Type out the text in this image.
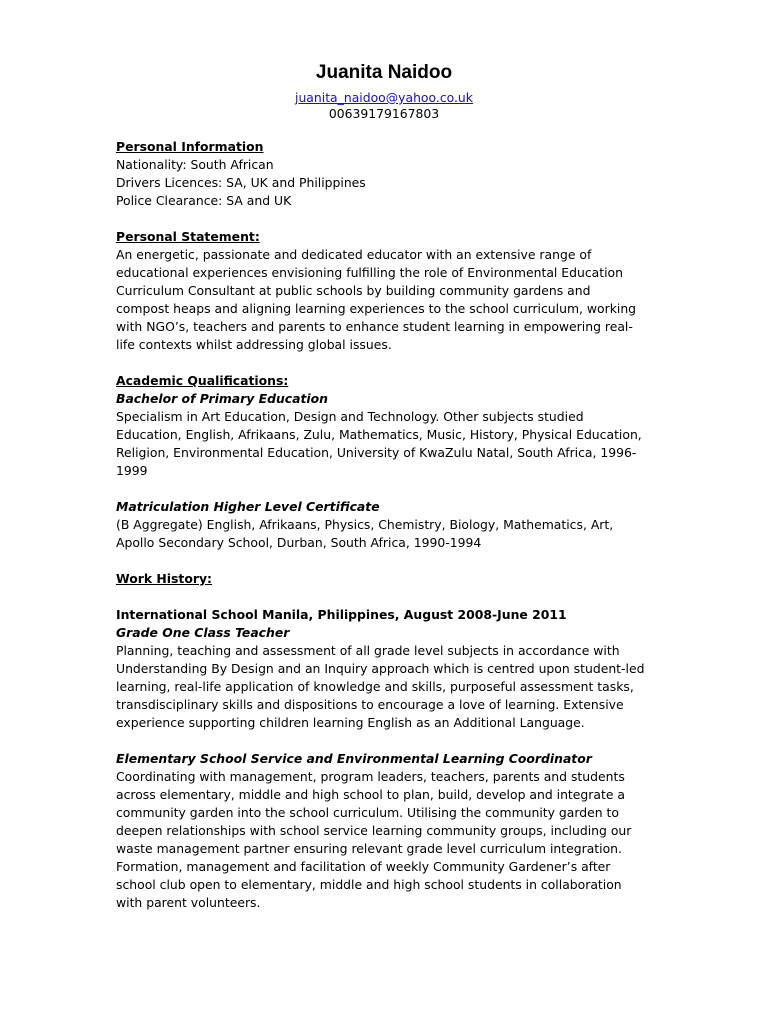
Juanita Naidoo
juanita_naidoo@yahoo.co.uk
00639179167803
Personal Information
Nationality: South African
Drivers Licences: SA, UK and Philippines
Police Clearance: SA and UK
Personal Statement:
An energetic, passionate and dedicated educator with an extensive range of
educational experiences envisioning fulfilling the role of Environmental Education
Curriculum Consultant at public schools by building community gardens and
compost heaps and aligning learning experiences to the school curriculum, working
with NGO’s, teachers and parents to enhance student learning in empowering real-
life contexts whilst addressing global issues.
Academic Qualifications:
Bachelor of Primary Education
Specialism in Art Education, Design and Technology. Other subjects studied
Education, English, Afrikaans, Zulu, Mathematics, Music, History, Physical Education,
Religion, Environmental Education, University of KwaZulu Natal, South Africa, 1996-
1999
Matriculation Higher Level Certificate
(B Aggregate) English, Afrikaans, Physics, Chemistry, Biology, Mathematics, Art,
Apollo Secondary School, Durban, South Africa, 1990-1994
Work History:
International School Manila, Philippines, August 2008-June 2011
Grade One Class Teacher
Planning, teaching and assessment of all grade level subjects in accordance with
Understanding By Design and an Inquiry approach which is centred upon student-led
learning, real-life application of knowledge and skills, purposeful assessment tasks,
transdisciplinary skills and dispositions to encourage a love of learning. Extensive
experience supporting children learning English as an Additional Language.
Elementary School Service and Environmental Learning Coordinator
Coordinating with management, program leaders, teachers, parents and students
across elementary, middle and high school to plan, build, develop and integrate a
community garden into the school curriculum. Utilising the community garden to
deepen relationships with school service learning community groups, including our
waste management partner ensuring relevant grade level curriculum integration.
Formation, management and facilitation of weekly Community Gardener’s after
school club open to elementary, middle and high school students in collaboration
with parent volunteers.
